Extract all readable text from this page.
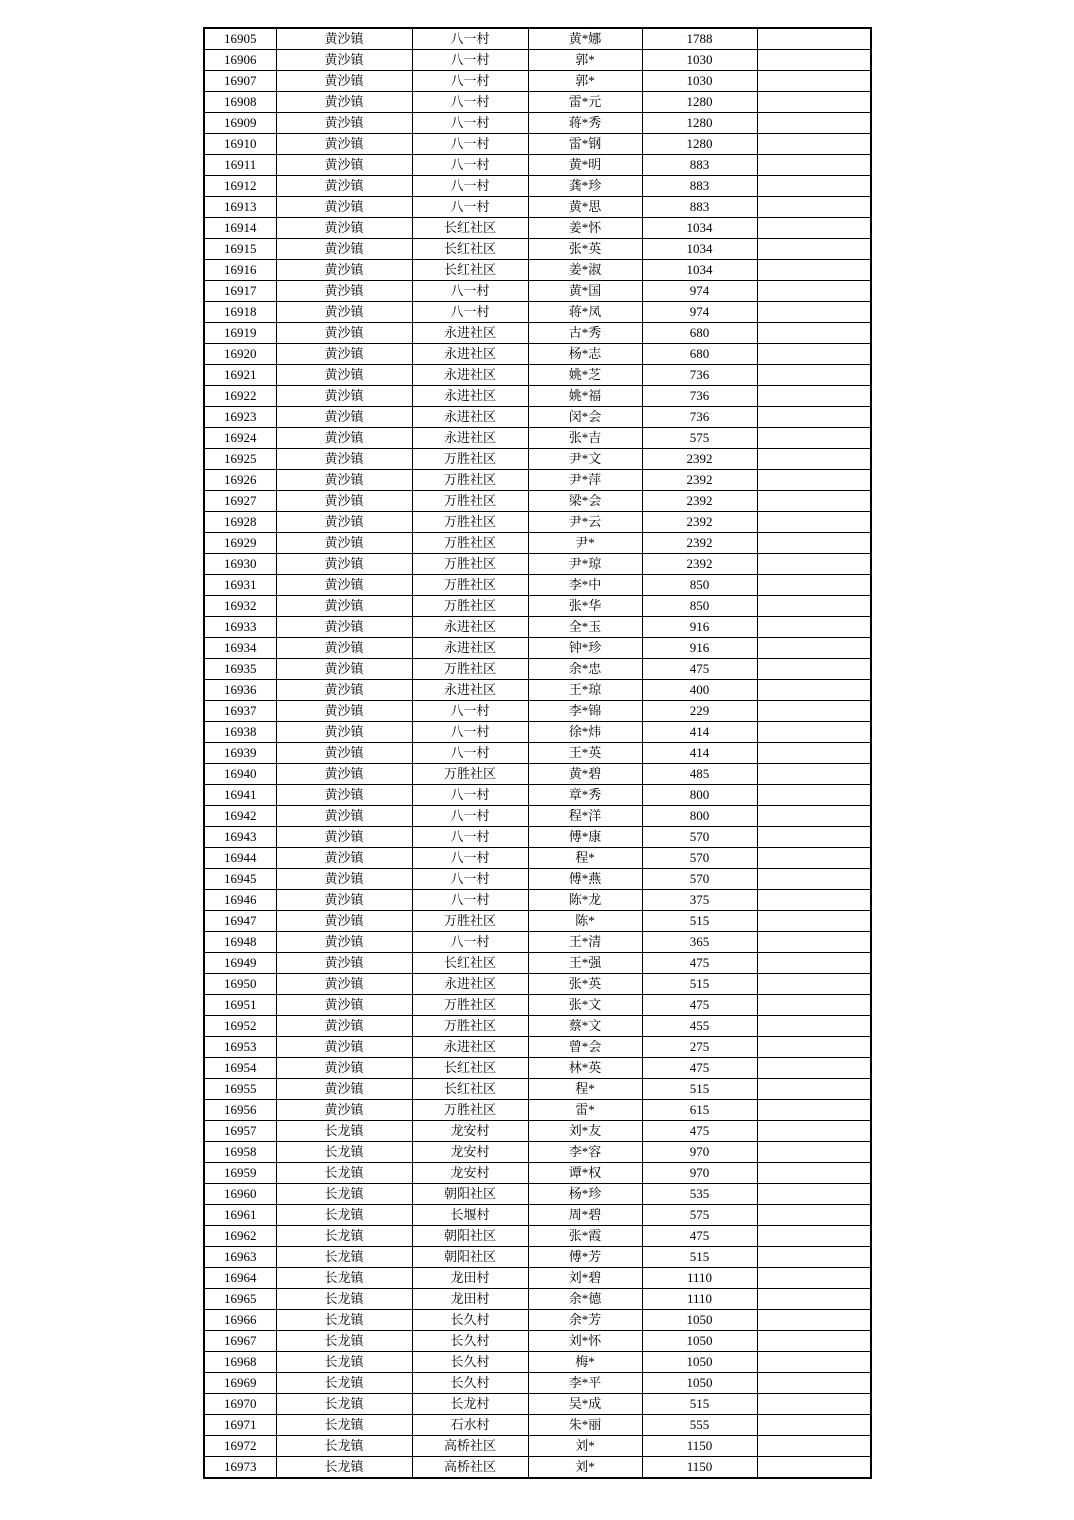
16905	黄沙镇	八一村	黄*娜	1788	
16906	黄沙镇	八一村	郭*	1030	
16907	黄沙镇	八一村	郭*	1030	
16908	黄沙镇	八一村	雷*元	1280	
16909	黄沙镇	八一村	蒋*秀	1280	
16910	黄沙镇	八一村	雷*钢	1280	
16911	黄沙镇	八一村	黄*明	883	
16912	黄沙镇	八一村	龚*珍	883	
16913	黄沙镇	八一村	黄*思	883	
16914	黄沙镇	长红社区	姜*怀	1034	
16915	黄沙镇	长红社区	张*英	1034	
16916	黄沙镇	长红社区	姜*淑	1034	
16917	黄沙镇	八一村	黄*国	974	
16918	黄沙镇	八一村	蒋*凤	974	
16919	黄沙镇	永进社区	古*秀	680	
16920	黄沙镇	永进社区	杨*志	680	
16921	黄沙镇	永进社区	姚*芝	736	
16922	黄沙镇	永进社区	姚*福	736	
16923	黄沙镇	永进社区	闵*会	736	
16924	黄沙镇	永进社区	张*吉	575	
16925	黄沙镇	万胜社区	尹*文	2392	
16926	黄沙镇	万胜社区	尹*萍	2392	
16927	黄沙镇	万胜社区	梁*会	2392	
16928	黄沙镇	万胜社区	尹*云	2392	
16929	黄沙镇	万胜社区	尹*	2392	
16930	黄沙镇	万胜社区	尹*琼	2392	
16931	黄沙镇	万胜社区	李*中	850	
16932	黄沙镇	万胜社区	张*华	850	
16933	黄沙镇	永进社区	全*玉	916	
16934	黄沙镇	永进社区	钟*珍	916	
16935	黄沙镇	万胜社区	余*忠	475	
16936	黄沙镇	永进社区	王*琼	400	
16937	黄沙镇	八一村	李*锦	229	
16938	黄沙镇	八一村	徐*炜	414	
16939	黄沙镇	八一村	王*英	414	
16940	黄沙镇	万胜社区	黄*碧	485	
16941	黄沙镇	八一村	章*秀	800	
16942	黄沙镇	八一村	程*洋	800	
16943	黄沙镇	八一村	傅*康	570	
16944	黄沙镇	八一村	程*	570	
16945	黄沙镇	八一村	傅*燕	570	
16946	黄沙镇	八一村	陈*龙	375	
16947	黄沙镇	万胜社区	陈*	515	
16948	黄沙镇	八一村	王*清	365	
16949	黄沙镇	长红社区	王*强	475	
16950	黄沙镇	永进社区	张*英	515	
16951	黄沙镇	万胜社区	张*文	475	
16952	黄沙镇	万胜社区	蔡*文	455	
16953	黄沙镇	永进社区	曾*会	275	
16954	黄沙镇	长红社区	林*英	475	
16955	黄沙镇	长红社区	程*	515	
16956	黄沙镇	万胜社区	雷*	615	
16957	长龙镇	龙安村	刘*友	475	
16958	长龙镇	龙安村	李*容	970	
16959	长龙镇	龙安村	谭*权	970	
16960	长龙镇	朝阳社区	杨*珍	535	
16961	长龙镇	长堰村	周*碧	575	
16962	长龙镇	朝阳社区	张*霞	475	
16963	长龙镇	朝阳社区	傅*芳	515	
16964	长龙镇	龙田村	刘*碧	1110	
16965	长龙镇	龙田村	余*德	1110	
16966	长龙镇	长久村	余*芳	1050	
16967	长龙镇	长久村	刘*怀	1050	
16968	长龙镇	长久村	梅*	1050	
16969	长龙镇	长久村	李*平	1050	
16970	长龙镇	长龙村	吴*成	515	
16971	长龙镇	石水村	朱*丽	555	
16972	长龙镇	高桥社区	刘*	1150	
16973	长龙镇	高桥社区	刘*	1150	
